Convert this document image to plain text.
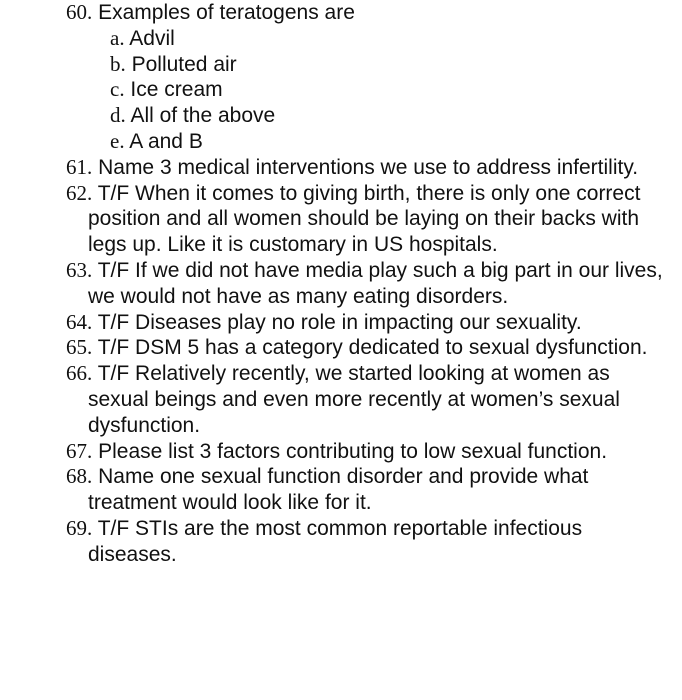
60. Examples of teratogens are
a. Advil
b. Polluted air
c. Ice cream
d. All of the above
e. A and B
61. Name 3 medical interventions we use to address infertility.
62. T/F When it comes to giving birth, there is only one correct position and all women should be laying on their backs with legs up. Like it is customary in US hospitals.
63. T/F If we did not have media play such a big part in our lives, we would not have as many eating disorders.
64. T/F Diseases play no role in impacting our sexuality.
65. T/F DSM 5 has a category dedicated to sexual dysfunction.
66. T/F Relatively recently, we started looking at women as sexual beings and even more recently at women’s sexual dysfunction.
67. Please list 3 factors contributing to low sexual function.
68. Name one sexual function disorder and provide what treatment would look like for it.
69. T/F STIs are the most common reportable infectious diseases.
